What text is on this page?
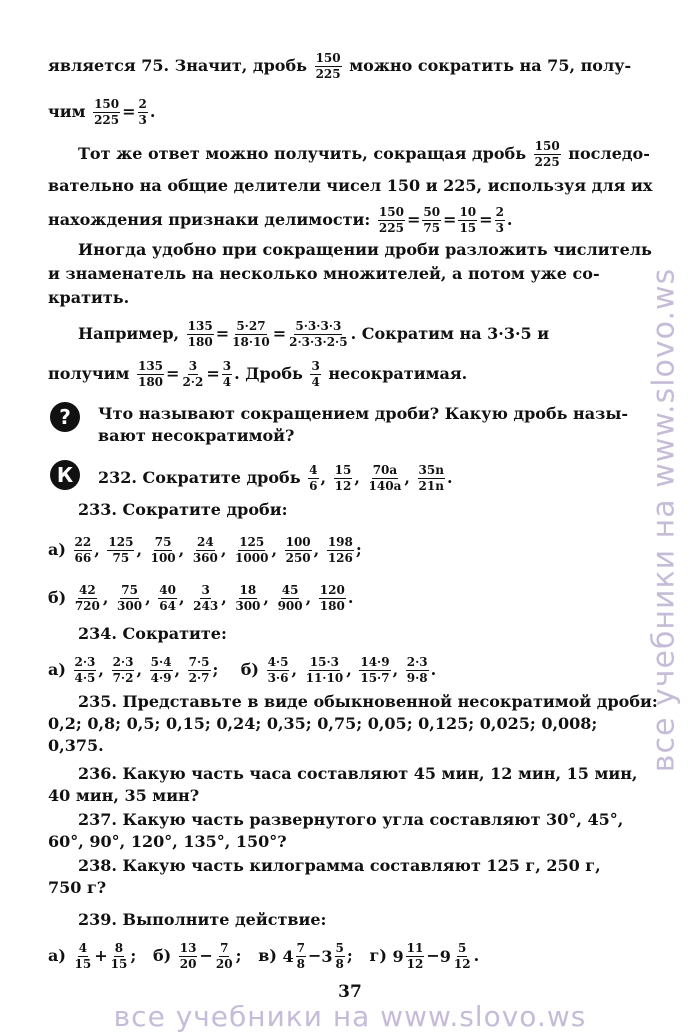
является 75. Значит, дробь $\frac{150}{225}$ можно сократить на 75, полу-
чим $\frac{150}{225} = \frac{2}{3}$ .
Тот же ответ можно получить, сокращая дробь $\frac{150}{225}$ последо-
вательно на общие делители чисел 150 и 225, используя для их
нахождения признаки делимости: $\frac{150}{225} = \frac{50}{75} = \frac{10}{15} = \frac{2}{3}$ .
Иногда удобно при сокращении дроби разложить числитель
и знаменатель на несколько множителей, а потом уже со-
кратить.
Например, $\frac{135}{180} = \frac{5\cdot 27}{18\cdot 10} = \frac{5\cdot 3\cdot 3\cdot 3}{2\cdot 3\cdot 3\cdot 2\cdot 5}$ . Сократим на 3·3·5 и
получим $\frac{135}{180} = \frac{3}{2\cdot 2} = \frac{3}{4}$ . Дробь $\frac{3}{4}$ несократимая.
?	Что называют сокращением дроби? Какую дробь назы-
вают несократимой?
К	232. Сократите дробь $\frac{4}{6}$ , $\frac{15}{12}$ , $\frac{70a}{140a}$ , $\frac{35n}{21n}$ .
233. Сократите дроби:
$а) \frac{22}{66}$ , $\frac{125}{75}$ , $\frac{75}{100}$ , $\frac{24}{360}$ , $\frac{125}{1000}$ , $\frac{100}{250}$ , $\frac{198}{126}$ ;
$б) \frac{42}{720}$ , $\frac{75}{300}$ , $\frac{40}{64}$ , $\frac{3}{243}$ , $\frac{18}{300}$ , $\frac{45}{900}$ , $\frac{120}{180}$ .
234. Сократите:
$а) \frac{2\cdot 3}{4\cdot 5}$ , $\frac{2\cdot 3}{7\cdot 2}$ , $\frac{5\cdot 4}{4\cdot 9}$ , $\frac{7\cdot 5}{2\cdot 7}$ ; $б) \frac{4\cdot 5}{3\cdot 6}$ , $\frac{15\cdot 3}{11\cdot 10}$ , $\frac{14\cdot 9}{15\cdot 7}$ , $\frac{2\cdot 3}{9\cdot 8}$ .
235. Представьте в виде обыкновенной несократимой дроби:
0,2; 0,8; 0,5; 0,15; 0,24; 0,35; 0,75; 0,05; 0,125; 0,025; 0,008;
0,375.
236. Какую часть часа составляют 45 мин, 12 мин, 15 мин,
40 мин, 35 мин?
237. Какую часть развернутого угла составляют 30°, 45°,
60°, 90°, 120°, 135°, 150°?
238. Какую часть килограмма составляют 125 г, 250 г,
750 г?
239. Выполните действие:
$а) \frac{4}{15} + \frac{8}{15}$ ; $б) \frac{13}{20} - \frac{7}{20}$ ; в) $4 \frac{7}{8} - 3 \frac{5}{8}$ ; г) $9 \frac{11}{12} - 9 \frac{5}{12}$ .
37
все учебники на www.slovo.ws
все учебники на www.slovo.ws
